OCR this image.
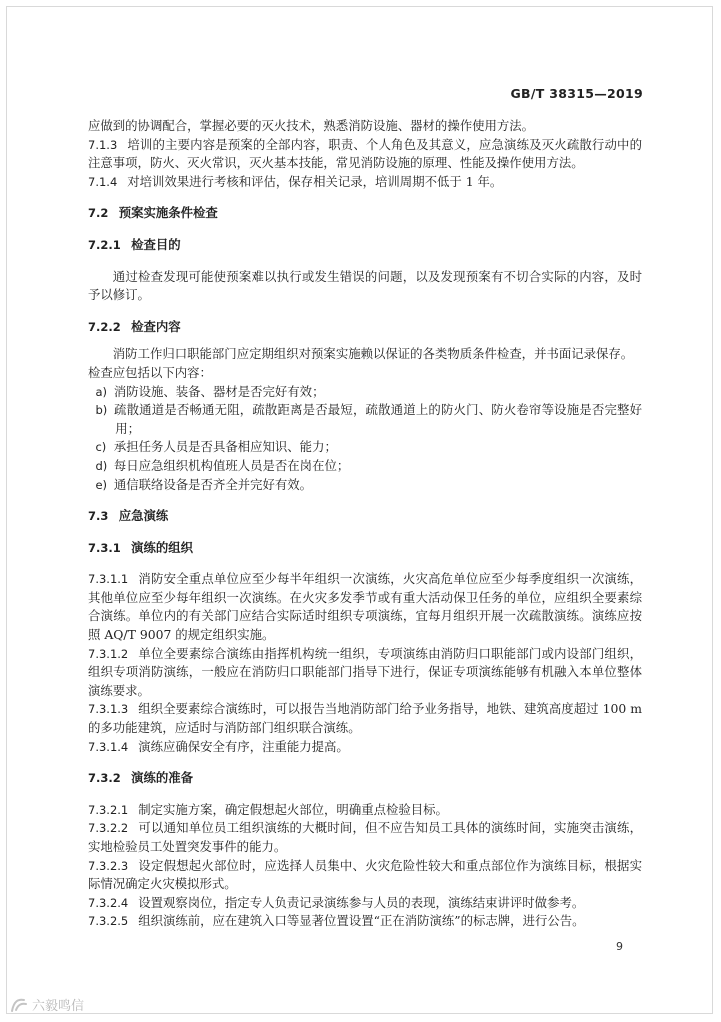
GB/T 38315—2019

应做到的协调配合，掌握必要的灭火技术，熟悉消防设施、器材的操作使用方法。

7.1.3 培训的主要内容是预案的全部内容，职责、个人角色及其意义，应急演练及灭火疏散行动中的注意事项，防火、灭火常识，灭火基本技能，常见消防设施的原理、性能及操作使用方法。

7.1.4 对培训效果进行考核和评估，保存相关记录，培训周期不低于 1 年。

7.2 预案实施条件检查

7.2.1 检查目的

通过检查发现可能使预案难以执行或发生错误的问题，以及发现预案有不切合实际的内容，及时予以修订。

7.2.2 检查内容

消防工作归口职能部门应定期组织对预案实施赖以保证的各类物质条件检查，并书面记录保存。

检查应包括以下内容：

a) 消防设施、装备、器材是否完好有效；

b) 疏散通道是否畅通无阻，疏散距离是否最短，疏散通道上的防火门、防火卷帘等设施是否完整好用；

c) 承担任务人员是否具备相应知识、能力；

d) 每日应急组织机构值班人员是否在岗在位；

e) 通信联络设备是否齐全并完好有效。

7.3 应急演练

7.3.1 演练的组织

7.3.1.1 消防安全重点单位应至少每半年组织一次演练，火灾高危单位应至少每季度组织一次演练，其他单位应至少每年组织一次演练。在火灾多发季节或有重大活动保卫任务的单位，应组织全要素综合演练。单位内的有关部门应结合实际适时组织专项演练，宜每月组织开展一次疏散演练。演练应按照 AQ/T 9007 的规定组织实施。

7.3.1.2 单位全要素综合演练由指挥机构统一组织，专项演练由消防归口职能部门或内设部门组织，组织专项消防演练，一般应在消防归口职能部门指导下进行，保证专项演练能够有机融入本单位整体演练要求。

7.3.1.3 组织全要素综合演练时，可以报告当地消防部门给予业务指导，地铁、建筑高度超过 100 m 的多功能建筑，应适时与消防部门组织联合演练。

7.3.1.4 演练应确保安全有序，注重能力提高。

7.3.2 演练的准备

7.3.2.1 制定实施方案，确定假想起火部位，明确重点检验目标。

7.3.2.2 可以通知单位员工组织演练的大概时间，但不应告知员工具体的演练时间，实施突击演练，实地检验员工处置突发事件的能力。

7.3.2.3 设定假想起火部位时，应选择人员集中、火灾危险性较大和重点部位作为演练目标，根据实际情况确定火灾模拟形式。

7.3.2.4 设置观察岗位，指定专人负责记录演练参与人员的表现，演练结束讲评时做参考。

7.3.2.5 组织演练前，应在建筑入口等显著位置设置“正在消防演练”的标志牌，进行公告。

9
六毅鸣信
